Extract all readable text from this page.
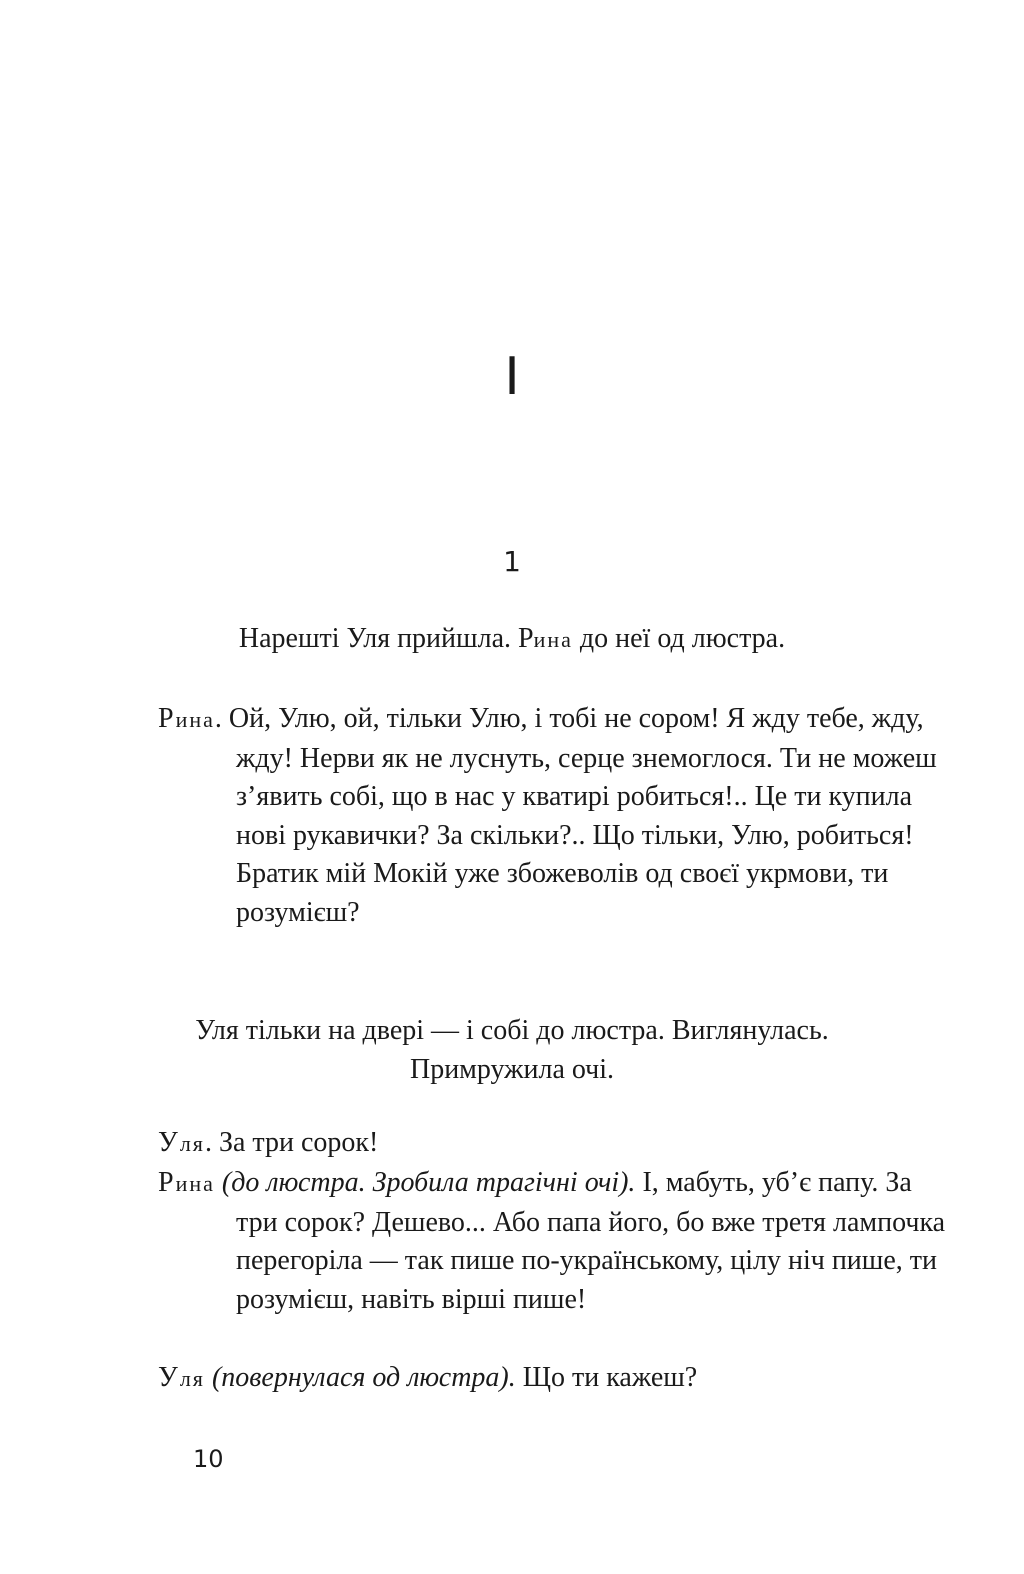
I
1
Нарешті Уля прийшла. Рина до неї од люстра.
Рина. Ой, Улю, ой, тільки Улю, і тобі не сором! Я жду тебе, жду, жду! Нерви як не луснуть, серце знемоглося. Ти не можеш з’явить собі, що в нас у кватирі робиться!.. Це ти купила нові рукавички? За скільки?.. Що тільки, Улю, робиться! Братик мій Мокій уже збожеволів од своєї укрмови, ти розумієш?
Уля тільки на двері — і собі до люстра. Виглянулась.
Примружила очі.
Уля. За три сорок!
Рина (до люстра. Зробила трагічні очі). І, мабуть, уб’є папу. За три сорок? Дешево... Або папа його, бо вже третя лампочка перегоріла — так пише по-українському, цілу ніч пише, ти розумієш, навіть вірші пише!
Уля (повернулася од люстра). Що ти кажеш?
10
